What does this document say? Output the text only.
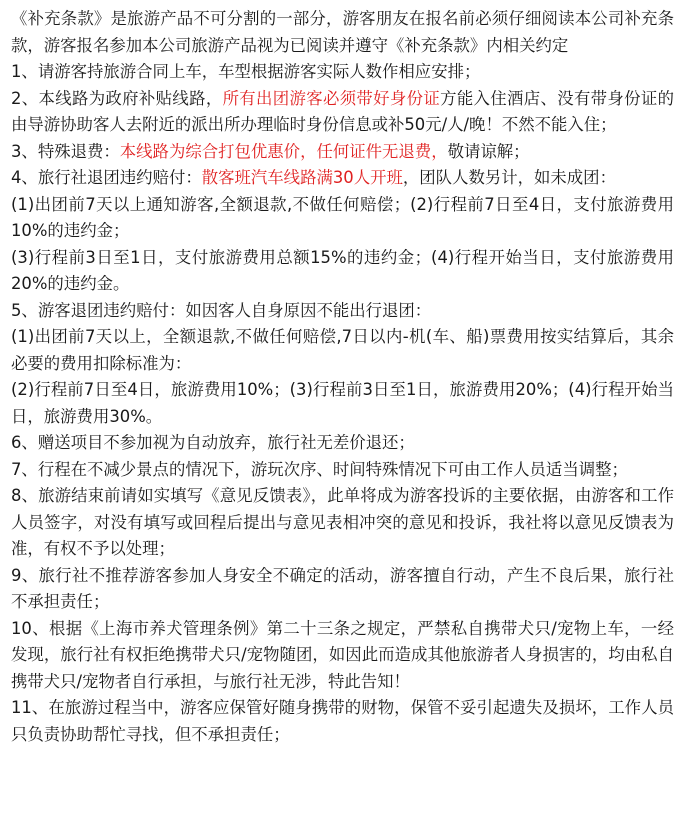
《补充条款》是旅游产品不可分割的一部分，游客朋友在报名前必须仔细阅读本公司补充条款，游客报名参加本公司旅游产品视为已阅读并遵守《补充条款》内相关约定

1、请游客持旅游合同上车，车型根据游客实际人数作相应安排；

2、本线路为政府补贴线路，所有出团游客必须带好身份证方能入住酒店、没有带身份证的由导游协助客人去附近的派出所办理临时身份信息或补50元/人/晚！不然不能入住；

3、特殊退费：本线路为综合打包优惠价，任何证件无退费，敬请谅解；

4、旅行社退团违约赔付：散客班汽车线路满30人开班，团队人数另计，如未成团：

(1)出团前7天以上通知游客,全额退款,不做任何赔偿；(2)行程前7日至4日，支付旅游费用10%的违约金；

(3)行程前3日至1日，支付旅游费用总额15%的违约金；(4)行程开始当日，支付旅游费用20%的违约金。

5、游客退团违约赔付：如因客人自身原因不能出行退团：

(1)出团前7天以上，全额退款,不做任何赔偿,7日以内-机(车、船)票费用按实结算后，其余必要的费用扣除标准为：

(2)行程前7日至4日，旅游费用10%；(3)行程前3日至1日，旅游费用20%；(4)行程开始当日，旅游费用30%。

6、赠送项目不参加视为自动放弃，旅行社无差价退还；

7、行程在不减少景点的情况下，游玩次序、时间特殊情况下可由工作人员适当调整；

8、旅游结束前请如实填写《意见反馈表》，此单将成为游客投诉的主要依据，由游客和工作人员签字，对没有填写或回程后提出与意见表相冲突的意见和投诉，我社将以意见反馈表为准，有权不予以处理；

9、旅行社不推荐游客参加人身安全不确定的活动，游客擅自行动，产生不良后果，旅行社不承担责任；

10、根据《上海市养犬管理条例》第二十三条之规定，严禁私自携带犬只/宠物上车，一经发现，旅行社有权拒绝携带犬只/宠物随团，如因此而造成其他旅游者人身损害的，均由私自携带犬只/宠物者自行承担，与旅行社无涉，特此告知！

11、在旅游过程当中，游客应保管好随身携带的财物，保管不妥引起遗失及损坏，工作人员只负责协助帮忙寻找，但不承担责任；
